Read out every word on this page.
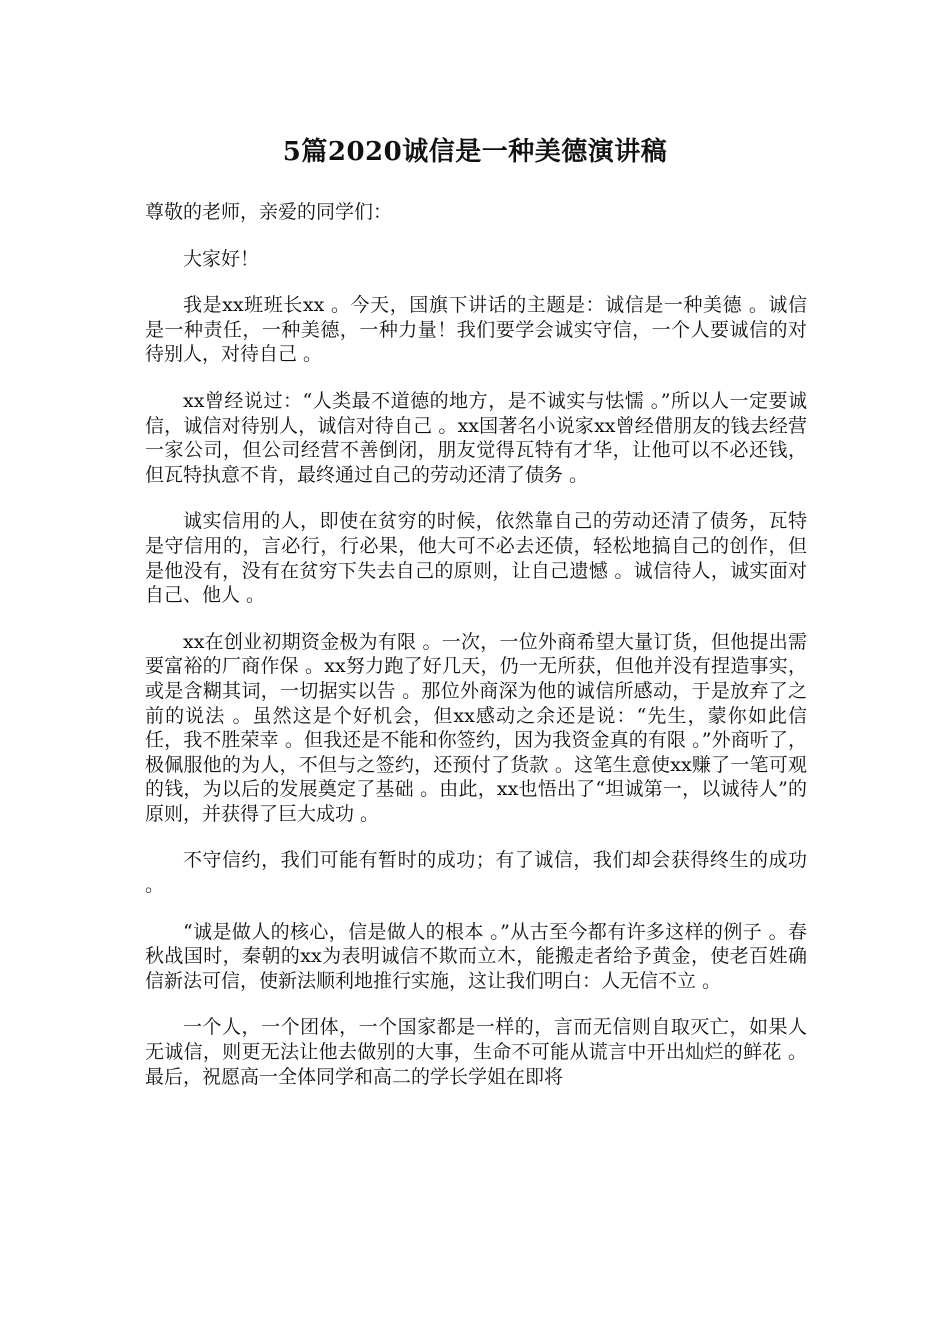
5篇2020诚信是一种美德演讲稿

尊敬的老师，亲爱的同学们：

大家好！

我是xx班班长xx 。今天，国旗下讲话的主题是：诚信是一种美德 。诚信是一种责任，一种美德，一种力量！我们要学会诚实守信，一个人要诚信的对待别人，对待自己 。

xx曾经说过：“人类最不道德的地方，是不诚实与怯懦 。”所以人一定要诚信，诚信对待别人，诚信对待自己 。xx国著名小说家xx曾经借朋友的钱去经营一家公司，但公司经营不善倒闭，朋友觉得瓦特有才华，让他可以不必还钱，但瓦特执意不肯，最终通过自己的劳动还清了债务 。

诚实信用的人，即使在贫穷的时候，依然靠自己的劳动还清了债务，瓦特是守信用的，言必行，行必果，他大可不必去还债，轻松地搞自己的创作，但是他没有，没有在贫穷下失去自己的原则，让自己遗憾 。诚信待人，诚实面对自己、他人 。

xx在创业初期资金极为有限 。一次，一位外商希望大量订货，但他提出需要富裕的厂商作保 。xx努力跑了好几天，仍一无所获，但他并没有捏造事实，或是含糊其词，一切据实以告 。那位外商深为他的诚信所感动，于是放弃了之前的说法 。虽然这是个好机会，但xx感动之余还是说：“先生，蒙你如此信任，我不胜荣幸 。但我还是不能和你签约，因为我资金真的有限 。”外商听了，极佩服他的为人，不但与之签约，还预付了货款 。这笔生意使xx赚了一笔可观的钱，为以后的发展奠定了基础 。由此，xx也悟出了“坦诚第一，以诚待人”的原则，并获得了巨大成功 。

不守信约，我们可能有暂时的成功；有了诚信，我们却会获得终生的成功 。

“诚是做人的核心，信是做人的根本 。”从古至今都有许多这样的例子 。春秋战国时，秦朝的xx为表明诚信不欺而立木，能搬走者给予黄金，使老百姓确信新法可信，使新法顺利地推行实施，这让我们明白：人无信不立 。

一个人，一个团体，一个国家都是一样的，言而无信则自取灭亡，如果人无诚信，则更无法让他去做别的大事，生命不可能从谎言中开出灿烂的鲜花 。最后，祝愿高一全体同学和高二的学长学姐在即将
